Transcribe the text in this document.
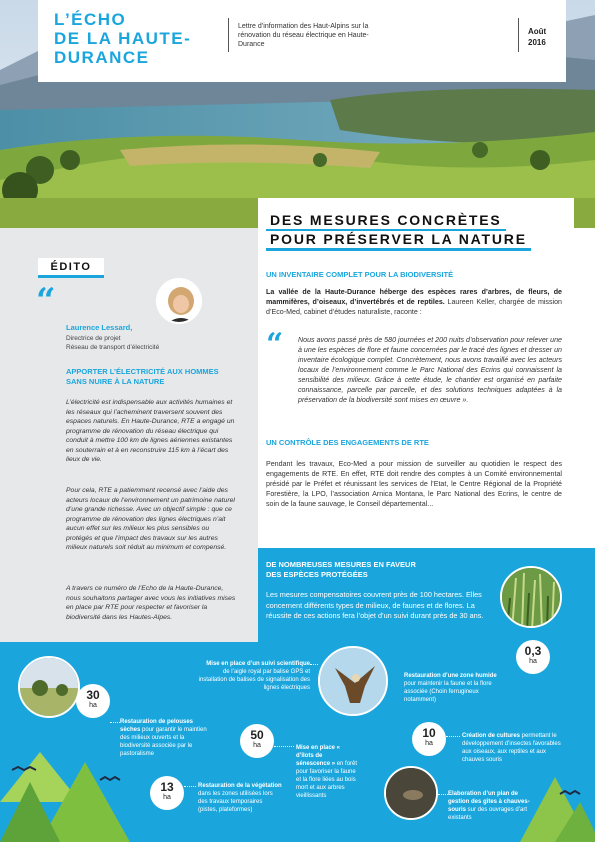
L’ÉCHO
DE LA HAUTE-
DURANCE
Lettre d’information des Haut-Alpins sur la rénovation du réseau électrique en Haute-Durance
Août
2016
ÉDITO
“
Laurence Lessard,
Directrice de projet
Réseau de transport d’électricité
APPORTER L’ÉLECTRICITÉ AUX HOMMES SANS NUIRE À LA NATURE
L’électricité est indispensable aux activités humaines et les réseaux qui l’acheminent traversent souvent des espaces naturels. En Haute-Durance, RTE a engagé un programme de rénovation du réseau électrique qui conduit à mettre 100 km de lignes aériennes existantes en souterrain et à en reconstruire 115 km à l’écart des lieux de vie.
Pour cela, RTE a patiemment recensé avec l’aide des acteurs locaux de l’environnement un patrimoine naturel d’une grande richesse. Avec un objectif simple : que ce programme de rénovation des lignes électriques n’ait aucun effet sur les milieux les plus sensibles ou protégés et que l’impact des travaux sur les autres milieux naturels soit réduit au minimum et compensé.
A travers ce numéro de l’Echo de la Haute-Durance, nous souhaitons partager avec vous les initiatives mises en place par RTE pour respecter et favoriser la biodiversité dans les Hautes-Alpes.
DES MESURES CONCRÈTES
POUR PRÉSERVER LA NATURE
UN INVENTAIRE COMPLET POUR LA BIODIVERSITÉ
La vallée de la Haute-Durance héberge des espèces rares d’arbres, de fleurs, de mammifères, d’oiseaux, d’invertébrés et de reptiles. Laureen Keller, chargée de mission d’Eco-Med, cabinet d’études naturaliste, raconte :
“ Nous avons passé près de 580 journées et 200 nuits d’observation pour relever une à une les espèces de flore et faune concernées par le tracé des lignes et dresser un inventaire écologique complet. Concrètement, nous avons travaillé avec les acteurs locaux de l’environnement comme le Parc National des Ecrins qui connaissent la sensibilité des milieux. Grâce à cette étude, le chantier est organisé en parfaite connaissance, parcelle par parcelle, et des solutions techniques adaptées à la préservation de la biodiversité sont mises en œuvre ».
UN CONTRÔLE DES ENGAGEMENTS DE RTE
Pendant les travaux, Eco-Med a pour mission de surveiller au quotidien le respect des engagements de RTE. En effet, RTE doit rendre des comptes à un Comité environnemental présidé par le Préfet et réunissant les services de l’Etat, le Centre Régional de la Propriété Forestière, la LPO, l’association Arnica Montana, le Parc National des Ecrins, le centre de soin de la faune sauvage, le Conseil départemental...
DE NOMBREUSES MESURES EN FAVEUR
DES ESPÈCES PROTÉGÉES
Les mesures compensatoires couvrent près de 100 hectares. Elles concernent différents types de milieux, de faunes et de flores. La réussite de ces actions fera l’objet d’un suivi durant près de 30 ans.
0,3
ha
30
ha
13
ha
50
ha
10
ha
Restauration de pelouses sèches pour garantir le maintien des milieux ouverts et la biodiversité associée par le pastoralisme
Restauration de la végétation dans les zones utilisées lors des travaux temporaires (pistes, plateformes)
Mise en place « d’îlots de sénescence » en forêt pour favoriser la faune et la flore liées au bois mort et aux arbres vieillissants
Création de cultures permettant le développement d’insectes favorables aux oiseaux, aux reptiles et aux chauves souris
Restauration d’une zone humide pour maintenir la faune et la flore associée (Choin ferrugineux notamment)
Mise en place d’un suivi scientifique de l’aigle royal par balise GPS et installation de balises de signalisation des lignes électriques
Elaboration d’un plan de gestion des gîtes à chauves-souris sur des ouvrages d’art existants
